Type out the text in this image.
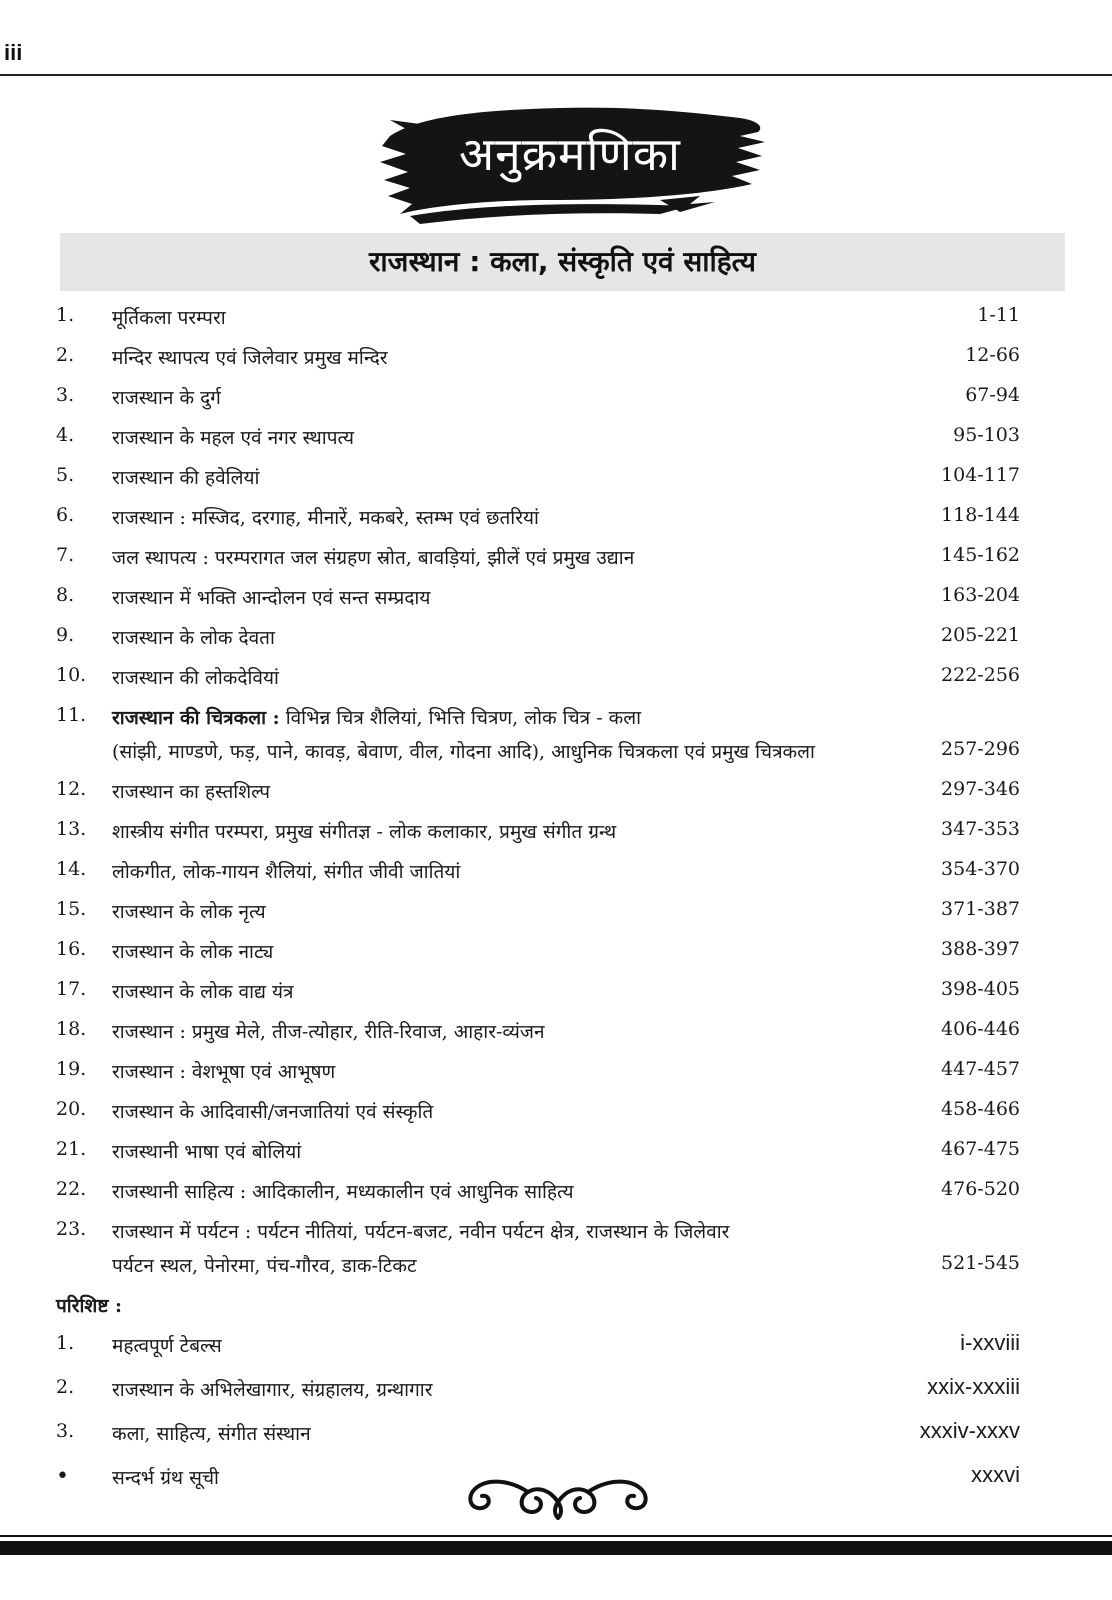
iii
अनुक्रमणिका
राजस्थान : कला, संस्कृति एवं साहित्य
1.	मूर्तिकला परम्परा	1-11
2.	मन्दिर स्थापत्य एवं जिलेवार प्रमुख मन्दिर	12-66
3.	राजस्थान के दुर्ग	67-94
4.	राजस्थान के महल एवं नगर स्थापत्य	95-103
5.	राजस्थान की हवेलियां	104-117
6.	राजस्थान : मस्जिद, दरगाह, मीनारें, मकबरे, स्तम्भ एवं छतरियां	118-144
7.	जल स्थापत्य : परम्परागत जल संग्रहण स्रोत, बावड़ियां, झीलें एवं प्रमुख उद्यान	145-162
8.	राजस्थान में भक्ति आन्दोलन एवं सन्त सम्प्रदाय	163-204
9.	राजस्थान के लोक देवता	205-221
10.	राजस्थान की लोकदेवियां	222-256
11.	राजस्थान की चित्रकला : विभिन्न चित्र शैलियां, भित्ति चित्रण, लोक चित्र - कला
(सांझी, माण्डणे, फड़, पाने, कावड़, बेवाण, वील, गोदना आदि), आधुनिक चित्रकला एवं प्रमुख चित्रकला	257-296
12.	राजस्थान का हस्तशिल्प	297-346
13.	शास्त्रीय संगीत परम्परा, प्रमुख संगीतज्ञ - लोक कलाकार, प्रमुख संगीत ग्रन्थ	347-353
14.	लोकगीत, लोक-गायन शैलियां, संगीत जीवी जातियां	354-370
15.	राजस्थान के लोक नृत्य	371-387
16.	राजस्थान के लोक नाट्य	388-397
17.	राजस्थान के लोक वाद्य यंत्र	398-405
18.	राजस्थान : प्रमुख मेले, तीज-त्योहार, रीति-रिवाज, आहार-व्यंजन	406-446
19.	राजस्थान : वेशभूषा एवं आभूषण	447-457
20.	राजस्थान के आदिवासी/जनजातियां एवं संस्कृति	458-466
21.	राजस्थानी भाषा एवं बोलियां	467-475
22.	राजस्थानी साहित्य : आदिकालीन, मध्यकालीन एवं आधुनिक साहित्य	476-520
23.	राजस्थान में पर्यटन : पर्यटन नीतियां, पर्यटन-बजट, नवीन पर्यटन क्षेत्र, राजस्थान के जिलेवार
पर्यटन स्थल, पेनोरमा, पंच-गौरव, डाक-टिकट	521-545
परिशिष्ट :
1.	महत्वपूर्ण टेबल्स	i-xxviii
2.	राजस्थान के अभिलेखागार, संग्रहालय, ग्रन्थागार	xxix-xxxiii
3.	कला, साहित्य, संगीत संस्थान	xxxiv-xxxv
•	सन्दर्भ ग्रंथ सूची	xxxvi
